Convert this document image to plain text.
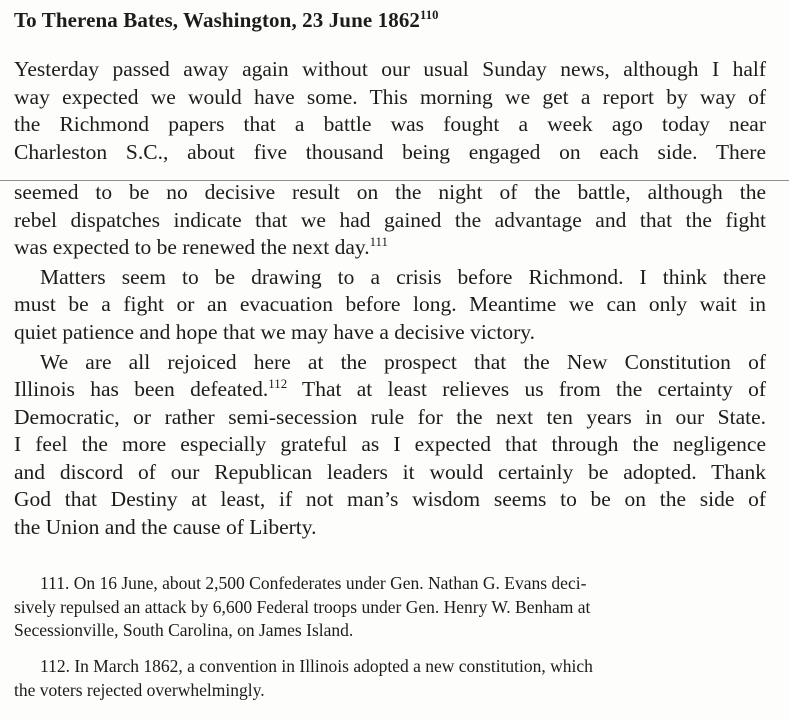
To Therena Bates, Washington, 23 June 1862$^{110}$
Yesterday passed away again without our usual Sunday news, although I half
way expected we would have some. This morning we get a report by way of
the Richmond papers that a battle was fought a week ago today near
Charleston S.C., about five thousand being engaged on each side. There
seemed to be no decisive result on the night of the battle, although the
rebel dispatches indicate that we had gained the advantage and that the fight
was expected to be renewed the next day.$^{111}$
Matters seem to be drawing to a crisis before Richmond. I think there
must be a fight or an evacuation before long. Meantime we can only wait in
quiet patience and hope that we may have a decisive victory.
We are all rejoiced here at the prospect that the New Constitution of
Illinois has been defeated.$^{112}$ That at least relieves us from the certainty of
Democratic, or rather semi-secession rule for the next ten years in our State.
I feel the more especially grateful as I expected that through the negligence
and discord of our Republican leaders it would certainly be adopted. Thank
God that Destiny at least, if not man’s wisdom seems to be on the side of
the Union and the cause of Liberty.
111. On 16 June, about 2,500 Confederates under Gen. Nathan G. Evans deci-
sively repulsed an attack by 6,600 Federal troops under Gen. Henry W. Benham at
Secessionville, South Carolina, on James Island.
112. In March 1862, a convention in Illinois adopted a new constitution, which
the voters rejected overwhelmingly.
